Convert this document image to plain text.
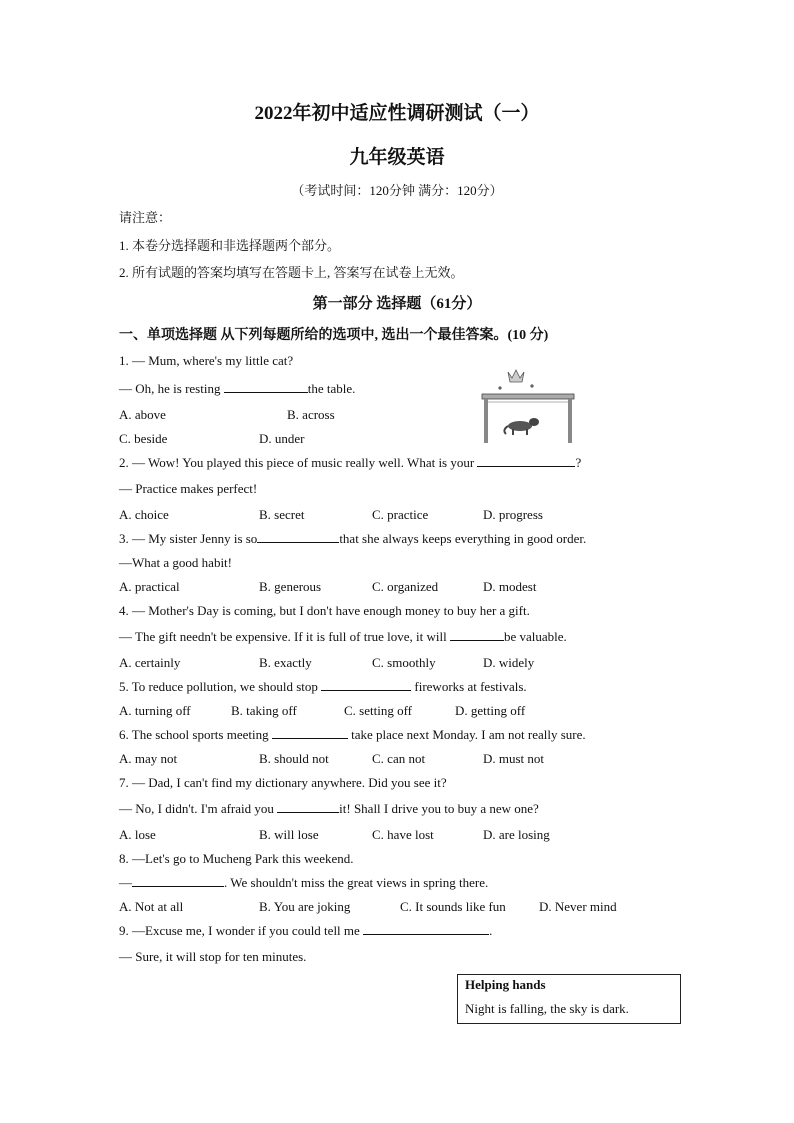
2022年初中适应性调研测试（一）
九年级英语
（考试时间：120分钟 满分：120分）
请注意：
1. 本卷分选择题和非选择题两个部分。
2. 所有试题的答案均填写在答题卡上, 答案写在试卷上无效。
第一部分 选择题（61分）
一、单项选择题 从下列每题所给的选项中, 选出一个最佳答案。(10 分)
1. — Mum, where's my little cat?
— Oh, he is resting	the table.
A. above	B. across
C. beside	D. under
2. — Wow! You played this piece of music really well. What is your	?
— Practice makes perfect!
A. choice	B. secret	C. practice	D. progress
3. — My sister Jenny is so	that she always keeps everything in good order.
—What a good habit!
A. practical	B. generous	C. organized	D. modest
4. — Mother's Day is coming, but I don't have enough money to buy her a gift.
— The gift needn't be expensive. If it is full of true love, it will	be valuable.
A. certainly	B. exactly	C. smoothly	D. widely
5. To reduce pollution, we should stop	fireworks at festivals.
A. turning off	B. taking off	C. setting off	D. getting off
6. The school sports meeting	take place next Monday. I am not really sure.
A. may not	B. should not	C. can not	D. must not
7. — Dad, I can't find my dictionary anywhere. Did you see it?
— No, I didn't. I'm afraid you	it! Shall I drive you to buy a new one?
A. lose	B. will lose	C. have lost	D. are losing
8. —Let's go to Mucheng Park this weekend.
—	. We shouldn't miss the great views in spring there.
A. Not at all	B. You are joking	C. It sounds like fun	D. Never mind
9. —Excuse me, I wonder if you could tell me	.
— Sure, it will stop for ten minutes.
Helping hands
Night is falling, the sky is dark.
